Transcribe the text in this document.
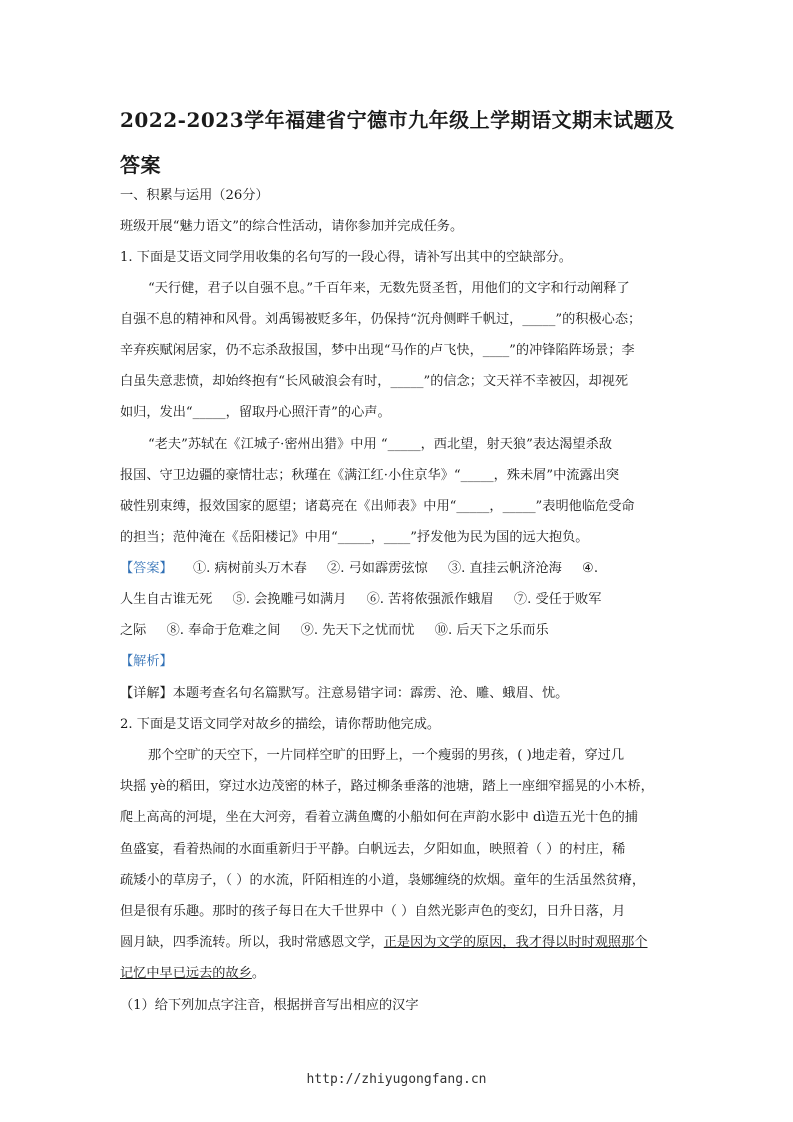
2022-2023学年福建省宁德市九年级上学期语文期末试题及
答案
一、积累与运用（26分）
班级开展“魅力语文”的综合性活动，请你参加并完成任务。
1. 下面是艾语文同学用收集的名句写的一段心得，请补写出其中的空缺部分。
“天行健，君子以自强不息。”千百年来，无数先贤圣哲，用他们的文字和行动阐释了
自强不息的精神和风骨。刘禹锡被贬多年，仍保持“沉舟侧畔千帆过，_____”的积极心态；
辛弃疾赋闲居家，仍不忘杀敌报国，梦中出现“马作的卢飞快，____”的冲锋陷阵场景；李
白虽失意悲愤，却始终抱有“长风破浪会有时，_____”的信念；文天祥不幸被囚，却视死
如归，发出“_____，留取丹心照汗青”的心声。
“老夫”苏轼在《江城子·密州出猎》中用 “_____，西北望，射天狼”表达渴望杀敌
报国、守卫边疆的豪情壮志；秋瑾在《满江红·小住京华》“_____，殊未屑”中流露出突
破性别束缚，报效国家的愿望；诸葛亮在《出师表》中用“_____，_____”表明他临危受命
的担当；范仲淹在《岳阳楼记》中用“_____，____”抒发他为民为国的远大抱负。
【答案】 ①. 病树前头万木春 ②. 弓如霹雳弦惊 ③. 直挂云帆济沧海 ④.
人生自古谁无死 ⑤. 会挽雕弓如满月 ⑥. 苦将侬强派作蛾眉 ⑦. 受任于败军
之际 ⑧. 奉命于危难之间 ⑨. 先天下之忧而忧 ⑩. 后天下之乐而乐
【解析】
【详解】本题考查名句名篇默写。注意易错字词：霹雳、沧、雕、蛾眉、忧。
2. 下面是艾语文同学对故乡的描绘，请你帮助他完成。
那个空旷的天空下，一片同样空旷的田野上，一个瘦弱的男孩，( )地走着，穿过几
块摇 yè的稻田，穿过水边茂密的林子，路过柳条垂落的池塘，踏上一座细窄摇晃的小木桥，
爬上高高的河堤，坐在大河旁，看着立满鱼鹰的小船如何在声韵水影中 dì造五光十色的捕
鱼盛宴，看着热闹的水面重新归于平静。白帆远去，夕阳如血，映照着（ ）的村庄，稀
疏矮小的草房子，（ ）的水流，阡陌相连的小道，袅娜缠绕的炊烟。童年的生活虽然贫瘠，
但是很有乐趣。那时的孩子每日在大千世界中（ ）自然光影声色的变幻，日升日落，月
圆月缺，四季流转。所以，我时常感恩文学，正是因为文学的原因，我才得以时时观照那个
记忆中早已远去的故乡。
（1）给下列加点字注音，根据拼音写出相应的汉字
http://zhiyugongfang.cn
